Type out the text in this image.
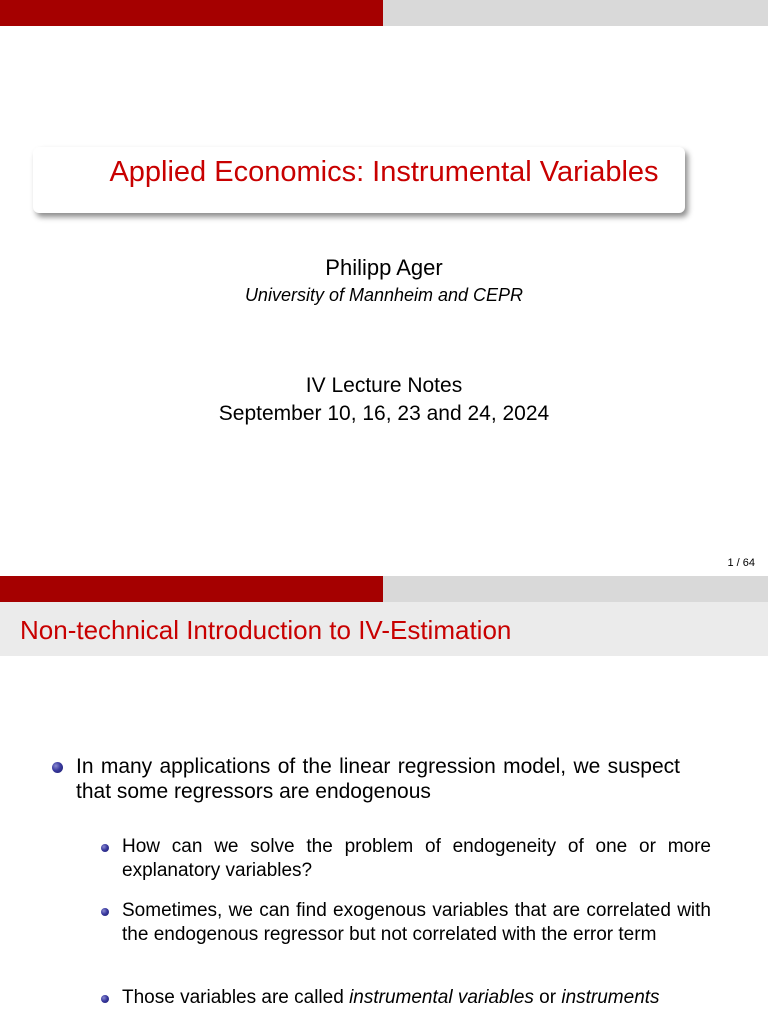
Applied Economics: Instrumental Variables
Philipp Ager
University of Mannheim and CEPR
IV Lecture Notes
September 10, 16, 23 and 24, 2024
1 / 64
Non-technical Introduction to IV-Estimation
In many applications of the linear regression model, we suspect that some regressors are endogenous
How can we solve the problem of endogeneity of one or more explanatory variables?
Sometimes, we can find exogenous variables that are correlated with the endogenous regressor but not correlated with the error term
Those variables are called instrumental variables or instruments
